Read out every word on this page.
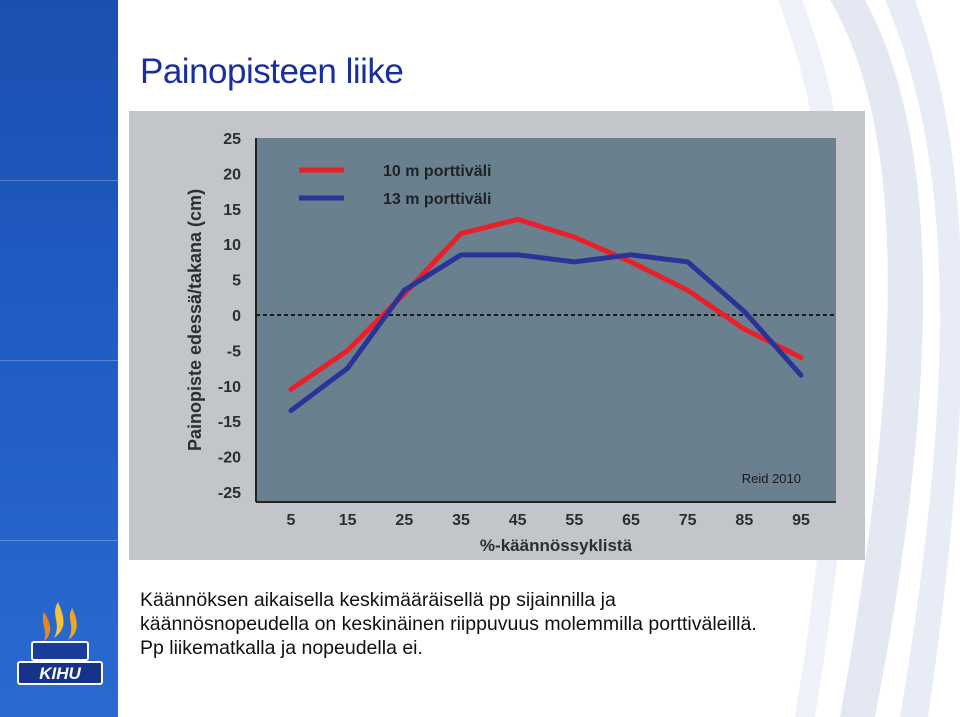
KIHU
Painopisteen liike
25
20
15
10
5
0
-5
-10
-15
-20
-25
5	15 25 35 45 55 65 75 85 95
10 m porttiväli
13 m porttiväli
Painopiste edessä/takana (cm)
%-käännössyklistä
Reid 2010

Käännöksen aikaisella keskimääräisellä pp sijainnilla ja

käännösnopeudella on keskinäinen riippuvuus molemmilla porttiväleillä.

Pp liikematkalla ja nopeudella ei.
